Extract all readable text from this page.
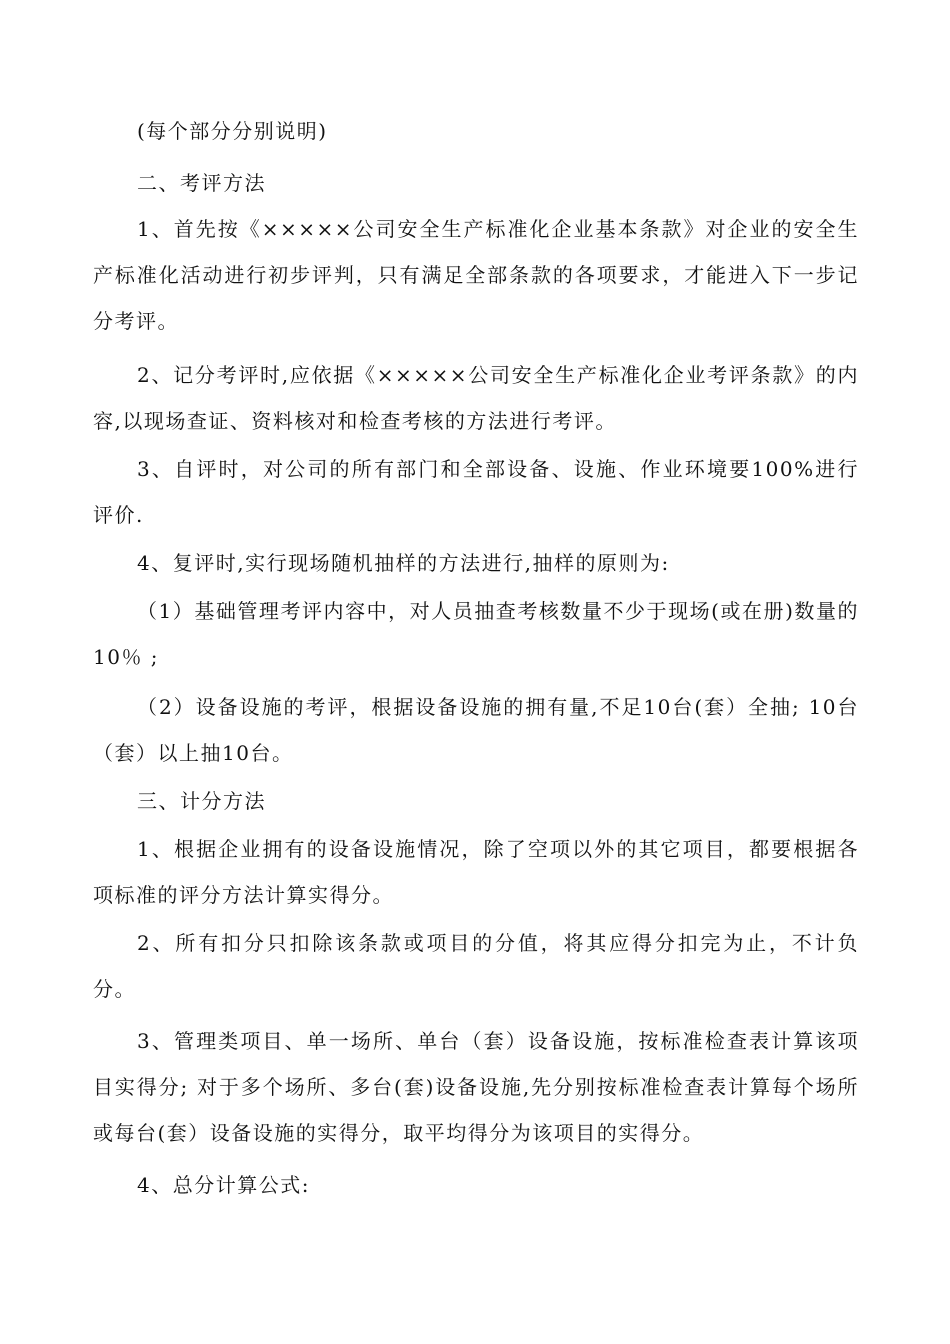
(每个部分分别说明)
二、考评方法
1、首先按《×××××公司安全生产标准化企业基本条款》对企业的安全生产标准化活动进行初步评判，只有满足全部条款的各项要求，才能进入下一步记分考评。
2、记分考评时,应依据《×××××公司安全生产标准化企业考评条款》的内容,以现场查证、资料核对和检查考核的方法进行考评。
3、自评时，对公司的所有部门和全部设备、设施、作业环境要100%进行评价.
4、复评时,实行现场随机抽样的方法进行,抽样的原则为:
（1）基础管理考评内容中，对人员抽查考核数量不少于现场(或在册)数量的10％ ;
（2）设备设施的考评，根据设备设施的拥有量,不足10台(套）全抽; 10台（套）以上抽10台。
三、计分方法
1、根据企业拥有的设备设施情况，除了空项以外的其它项目，都要根据各项标准的评分方法计算实得分。
2、所有扣分只扣除该条款或项目的分值，将其应得分扣完为止，不计负分。
3、管理类项目、单一场所、单台（套）设备设施，按标准检查表计算该项目实得分; 对于多个场所、多台(套)设备设施,先分别按标准检查表计算每个场所或每台(套）设备设施的实得分，取平均得分为该项目的实得分。
4、总分计算公式:
